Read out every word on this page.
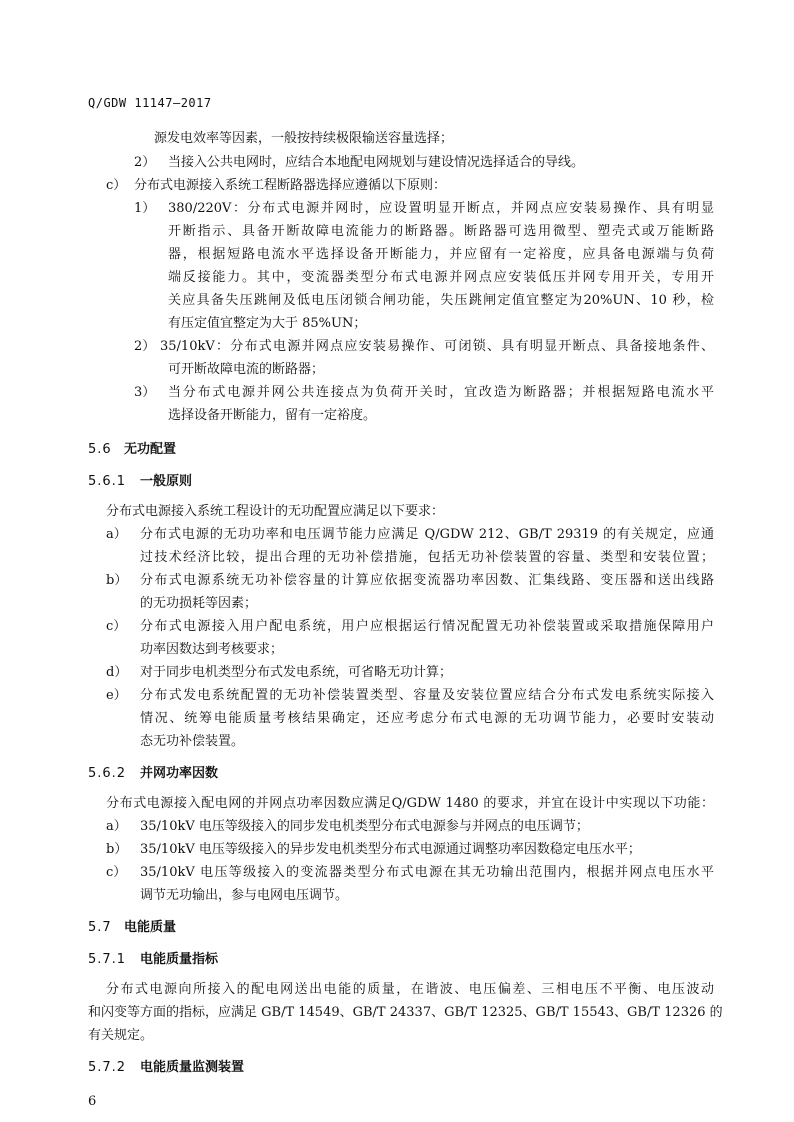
Q/GDW 11147—2017
源发电效率等因素，一般按持续极限输送容量选择；
2） 当接入公共电网时，应结合本地配电网规划与建设情况选择适合的导线。
c） 分布式电源接入系统工程断路器选择应遵循以下原则：
1） 380/220V：分布式电源并网时，应设置明显开断点，并网点应安装易操作、具有明显
开断指示、具备开断故障电流能力的断路器。断路器可选用微型、塑壳式或万能断路
器，根据短路电流水平选择设备开断能力，并应留有一定裕度，应具备电源端与负荷
端反接能力。其中，变流器类型分布式电源并网点应安装低压并网专用开关，专用开
关应具备失压跳闸及低电压闭锁合闸功能，失压跳闸定值宜整定为20%UN、10 秒，检
有压定值宜整定为大于 85%UN；
2） 35/10kV：分布式电源并网点应安装易操作、可闭锁、具有明显开断点、具备接地条件、
可开断故障电流的断路器；
3） 当分布式电源并网公共连接点为负荷开关时，宜改造为断路器；并根据短路电流水平
选择设备开断能力，留有一定裕度。
5.6 无功配置
5.6.1 一般原则
分布式电源接入系统工程设计的无功配置应满足以下要求：
a） 分布式电源的无功功率和电压调节能力应满足 Q/GDW 212、GB/T 29319 的有关规定，应通
过技术经济比较，提出合理的无功补偿措施，包括无功补偿装置的容量、类型和安装位置；
b） 分布式电源系统无功补偿容量的计算应依据变流器功率因数、汇集线路、变压器和送出线路
的无功损耗等因素；
c） 分布式电源接入用户配电系统，用户应根据运行情况配置无功补偿装置或采取措施保障用户
功率因数达到考核要求；
d） 对于同步电机类型分布式发电系统，可省略无功计算；
e） 分布式发电系统配置的无功补偿装置类型、容量及安装位置应结合分布式发电系统实际接入
情况、统筹电能质量考核结果确定，还应考虑分布式电源的无功调节能力，必要时安装动
态无功补偿装置。
5.6.2 并网功率因数
分布式电源接入配电网的并网点功率因数应满足Q/GDW 1480 的要求，并宜在设计中实现以下功能：
a） 35/10kV 电压等级接入的同步发电机类型分布式电源参与并网点的电压调节；
b） 35/10kV 电压等级接入的异步发电机类型分布式电源通过调整功率因数稳定电压水平；
c） 35/10kV 电压等级接入的变流器类型分布式电源在其无功输出范围内，根据并网点电压水平
调节无功输出，参与电网电压调节。
5.7 电能质量
5.7.1 电能质量指标
分布式电源向所接入的配电网送出电能的质量，在谐波、电压偏差、三相电压不平衡、电压波动
和闪变等方面的指标，应满足 GB/T 14549、GB/T 24337、GB/T 12325、GB/T 15543、GB/T 12326 的
有关规定。
5.7.2 电能质量监测装置
6
